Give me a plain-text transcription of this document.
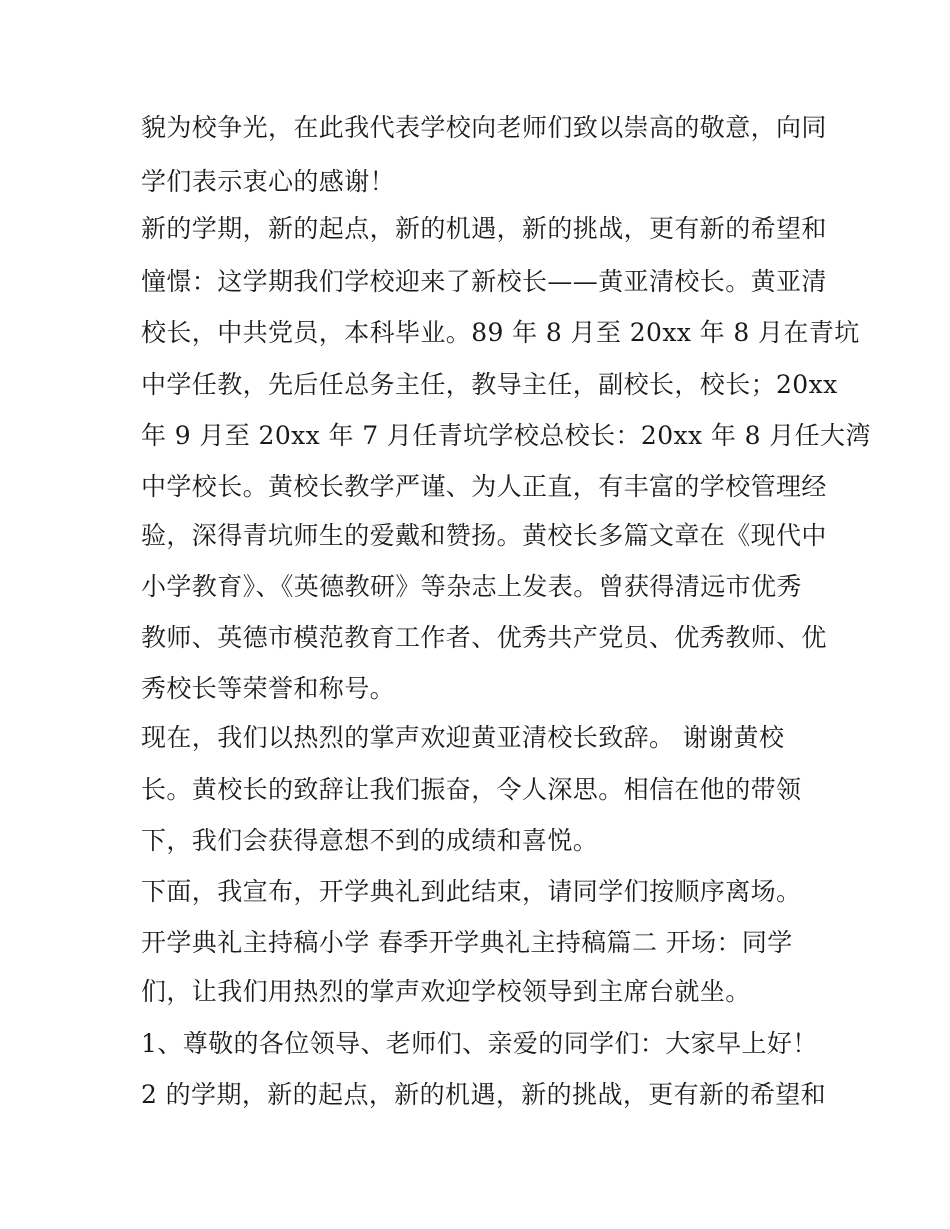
貌为校争光，在此我代表学校向老师们致以崇高的敬意，向同
学们表示衷心的感谢！
新的学期，新的起点，新的机遇，新的挑战，更有新的希望和
憧憬：这学期我们学校迎来了新校长——黄亚清校长。黄亚清
校长，中共党员，本科毕业。89 年 8 月至 20xx 年 8 月在青坑
中学任教，先后任总务主任，教导主任，副校长，校长；20xx
年 9 月至 20xx 年 7 月任青坑学校总校长：20xx 年 8 月任大湾
中学校长。黄校长教学严谨、为人正直，有丰富的学校管理经
验，深得青坑师生的爱戴和赞扬。黄校长多篇文章在《现代中
小学教育》、《英德教研》等杂志上发表。曾获得清远市优秀
教师、英德市模范教育工作者、优秀共产党员、优秀教师、优
秀校长等荣誉和称号。
现在，我们以热烈的掌声欢迎黄亚清校长致辞。 谢谢黄校
长。黄校长的致辞让我们振奋，令人深思。相信在他的带领
下，我们会获得意想不到的成绩和喜悦。
下面，我宣布，开学典礼到此结束，请同学们按顺序离场。
开学典礼主持稿小学 春季开学典礼主持稿篇二 开场：同学
们，让我们用热烈的掌声欢迎学校领导到主席台就坐。
1、尊敬的各位领导、老师们、亲爱的同学们：大家早上好！
2 的学期，新的起点，新的机遇，新的挑战，更有新的希望和
